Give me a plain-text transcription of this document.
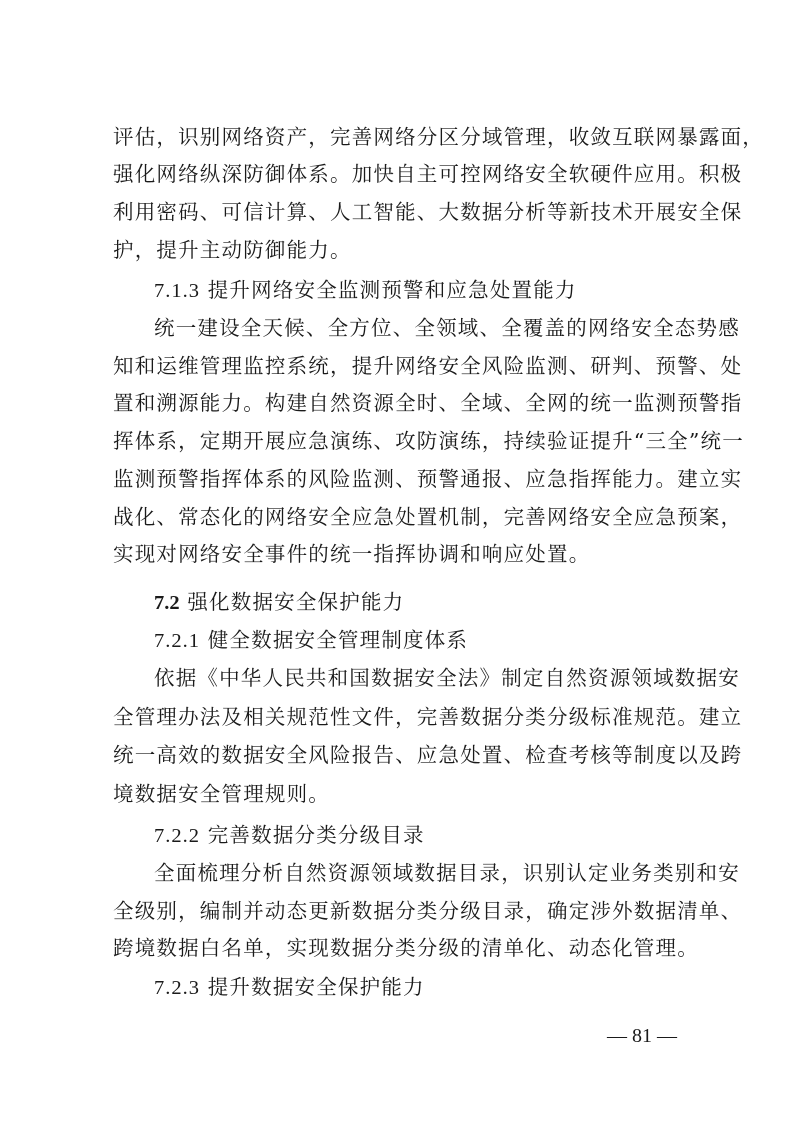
评估，识别网络资产，完善网络分区分域管理，收敛互联网暴露面，
强化网络纵深防御体系。加快自主可控网络安全软硬件应用。积极
利用密码、可信计算、人工智能、大数据分析等新技术开展安全保
护，提升主动防御能力。
7.1.3 提升网络安全监测预警和应急处置能力
统一建设全天候、全方位、全领域、全覆盖的网络安全态势感
知和运维管理监控系统，提升网络安全风险监测、研判、预警、处
置和溯源能力。构建自然资源全时、全域、全网的统一监测预警指
挥体系，定期开展应急演练、攻防演练，持续验证提升“三全”统一
监测预警指挥体系的风险监测、预警通报、应急指挥能力。建立实
战化、常态化的网络安全应急处置机制，完善网络安全应急预案，
实现对网络安全事件的统一指挥协调和响应处置。
7.2 强化数据安全保护能力
7.2.1 健全数据安全管理制度体系
依据《中华人民共和国数据安全法》制定自然资源领域数据安
全管理办法及相关规范性文件，完善数据分类分级标准规范。建立
统一高效的数据安全风险报告、应急处置、检查考核等制度以及跨
境数据安全管理规则。
7.2.2 完善数据分类分级目录
全面梳理分析自然资源领域数据目录，识别认定业务类别和安
全级别，编制并动态更新数据分类分级目录，确定涉外数据清单、
跨境数据白名单，实现数据分类分级的清单化、动态化管理。
7.2.3 提升数据安全保护能力
— 81 —
